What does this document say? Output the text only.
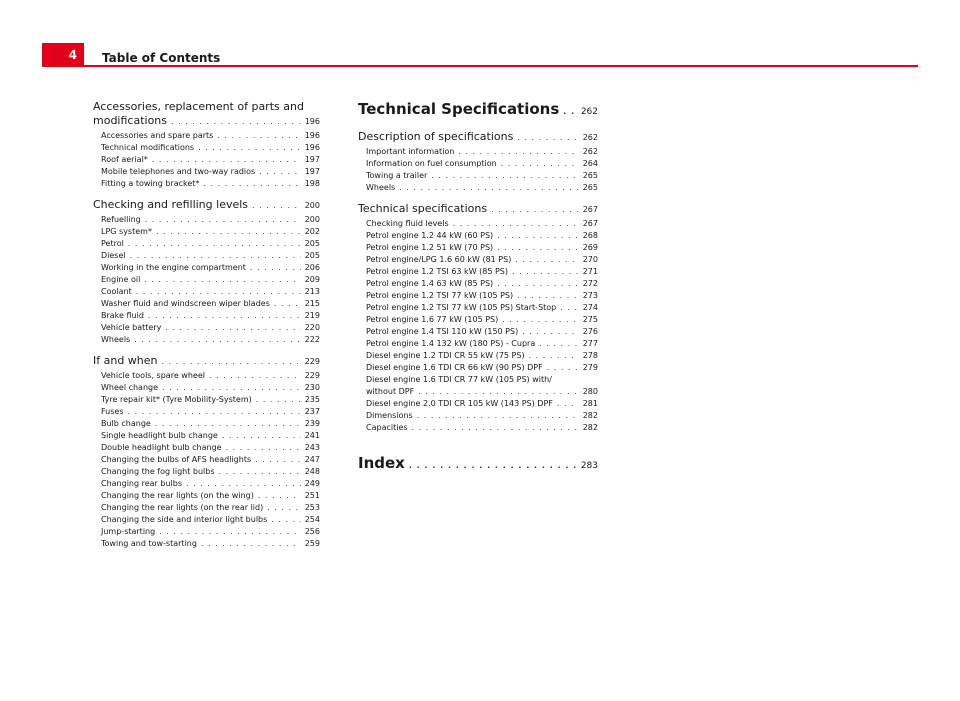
4 Table of Contents
Accessories, replacement of parts and
modifications . . .	196
Accessories and spare parts . . .	196
Technical modifications . . .	196
Roof aerial* . . .	197
Mobile telephones and two-way radios . . .	197
Fitting a towing bracket* . . .	198
Checking and refilling levels . . .	200
Refuelling . . .	200
LPG system* . . .	202
Petrol . . .	205
Diesel . . .	205
Working in the engine compartment . . .	206
Engine oil . . .	209
Coolant . . .	213
Washer fluid and windscreen wiper blades . . .	215
Brake fluid . . .	219
Vehicle battery . . .	220
Wheels . . .	222
If and when . . .	229
Vehicle tools, spare wheel . . .	229
Wheel change . . .	230
Tyre repair kit* (Tyre Mobility-System) . . .	235
Fuses . . .	237
Bulb change . . .	239
Single headlight bulb change . . .	241
Double headlight bulb change . . .	243
Changing the bulbs of AFS headlights . . .	247
Changing the fog light bulbs . . .	248
Changing rear bulbs . . .	249
Changing the rear lights (on the wing) . . .	251
Changing the rear lights (on the rear lid) . . .	253
Changing the side and interior light bulbs . . .	254
Jump-starting . . .	256
Towing and tow-starting . . .	259
Technical Specifications . . . 262
Description of specifications . . .	262
Important information . . .	262
Information on fuel consumption . . .	264
Towing a trailer . . .	265
Wheels . . .	265
Technical specifications . . .	267
Checking fluid levels . . .	267
Petrol engine 1.2 44 kW (60 PS) . . .	268
Petrol engine 1.2 51 kW (70 PS) . . .	269
Petrol engine/LPG 1.6 60 kW (81 PS) . . .	270
Petrol engine 1.2 TSI 63 kW (85 PS) . . .	271
Petrol engine 1.4 63 kW (85 PS) . . .	272
Petrol engine 1.2 TSI 77 kW (105 PS) . . .	273
Petrol engine 1.2 TSI 77 kW (105 PS) Start-Stop . . .	274
Petrol engine 1.6 77 kW (105 PS) . . .	275
Petrol engine 1.4 TSI 110 kW (150 PS) . . .	276
Petrol engine 1.4 132 kW (180 PS) - Cupra . . .	277
Diesel engine 1.2 TDI CR 55 kW (75 PS) . . .	278
Diesel engine 1.6 TDI CR 66 kW (90 PS) DPF . . .	279
Diesel engine 1.6 TDI CR 77 kW (105 PS) with/
without DPF . . .	280
Diesel engine 2.0 TDI CR 105 kW (143 PS) DPF . . .	281
Dimensions . . .	282
Capacities . . .	282
Index . . .	283
